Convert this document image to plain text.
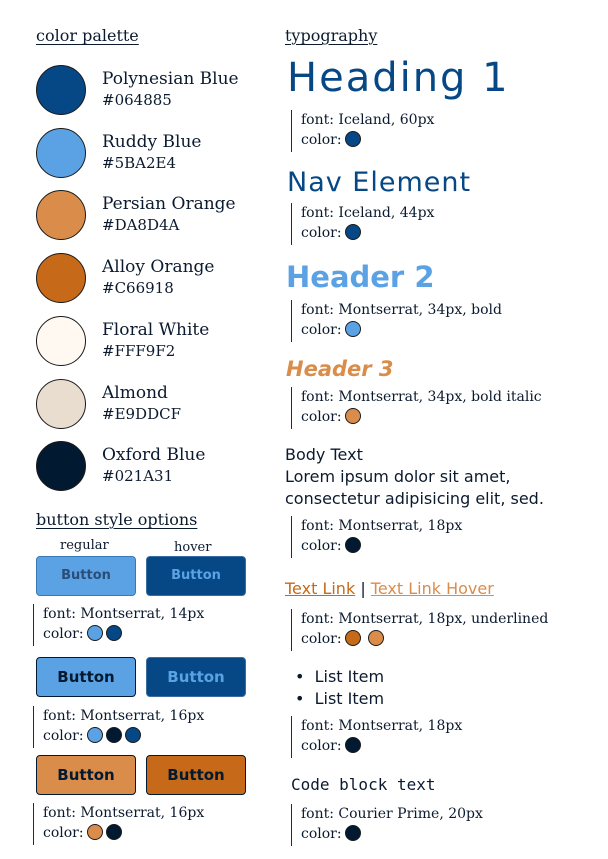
color palette
Polynesian Blue
#064885
Ruddy Blue
#5BA2E4
Persian Orange
#DA8D4A
Alloy Orange
#C66918
Floral White
#FFF9F2
Almond
#E9DDCF
Oxford Blue
#021A31
button style options
regular	hover
Button	Button
font: Montserrat, 14px
color:
Button	Button
font: Montserrat, 16px
color:
Button	Button
font: Montserrat, 16px
color:
typography
Heading 1
font: Iceland, 60px
color:
Nav Element
font: Iceland, 44px
color:
Header 2
font: Montserrat, 34px, bold
color:
Header 3
font: Montserrat, 34px, bold italic
color:
Body Text
Lorem ipsum dolor sit amet,
consectetur adipisicing elit, sed.
font: Montserrat, 18px
color:
Text Link | Text Link Hover
font: Montserrat, 18px, underlined
color:
•  List Item
•  List Item
font: Montserrat, 18px
color:
Code block text
font: Courier Prime, 20px
color:
